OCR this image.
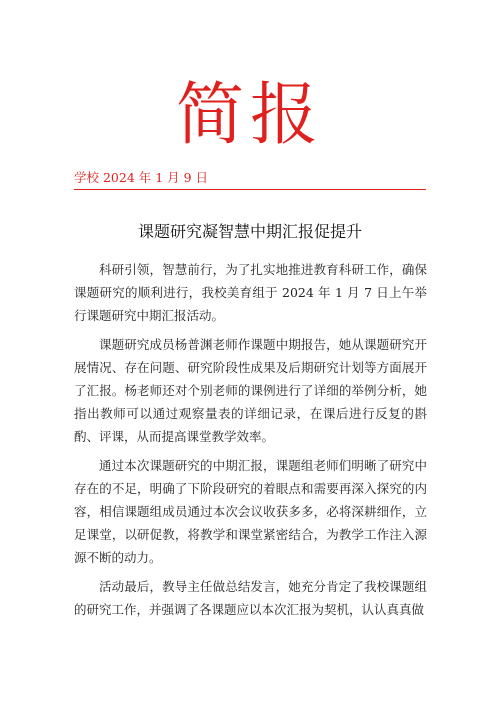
简报
学校 2024 年 1 月 9 日
课题研究凝智慧中期汇报促提升

科研引领，智慧前行，为了扎实地推进教育科研工作，确保课题研究的顺利进行，我校美育组于 2024 年 1 月 7 日上午举行课题研究中期汇报活动。

课题研究成员杨普渊老师作课题中期报告，她从课题研究开展情况、存在问题、研究阶段性成果及后期研究计划等方面展开了汇报。杨老师还对个别老师的课例进行了详细的举例分析，她指出教师可以通过观察量表的详细记录，在课后进行反复的斟酌、评课，从而提高课堂教学效率。

通过本次课题研究的中期汇报，课题组老师们明晰了研究中存在的不足，明确了下阶段研究的着眼点和需要再深入探究的内容，相信课题组成员通过本次会议收获多多，必将深耕细作，立足课堂，以研促教，将教学和课堂紧密结合，为教学工作注入源源不断的动力。

活动最后，教导主任做总结发言，她充分肯定了我校课题组的研究工作，并强调了各课题应以本次汇报为契机，认认真真做
